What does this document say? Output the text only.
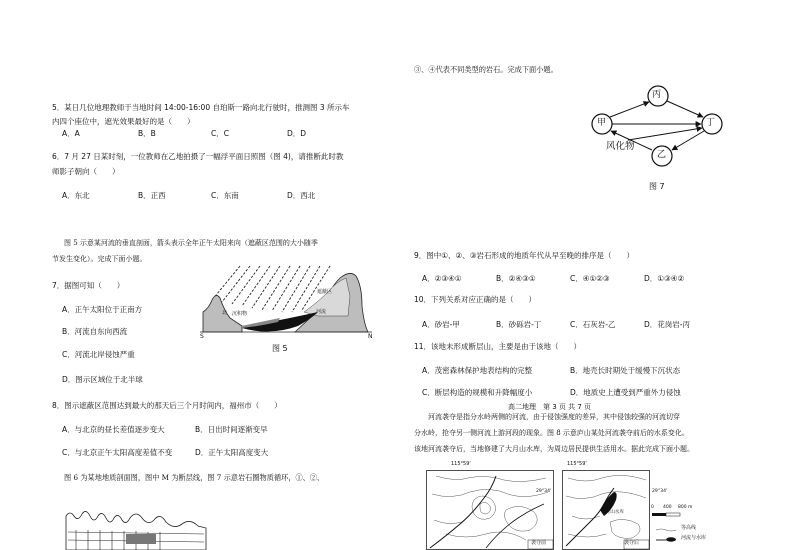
5．某日几位地理教师于当地时间 14:00-16:00 自珀斯一路向北行驶时，推测图 3 所示车
内四个座位中，遮光效果最好的是（　　）
A．A	B．B	C．C	D．D
6．7 月 27 日某时刻，一位教师在乙地拍摄了一幅浮平面日照图（图 4)，请推断此时教
师影子朝向（　　）
A．东北	B．正西	C．东南	D．西北
图 5 示意某河流的垂直剖面，箭头表示全年正午太阳来向（遮蔽区范围的大小随季
节发生变化）。完成下面小题。
7．据图可知（　　）
A．正午太阳位于正南方
B．河流自东向西流
C．河流北岸侵蚀严重
D．图示区域位于北半球
遮蔽区
沉积物
北	河流
S	N
图 5
8．图示遮蔽区范围达到最大的那天后三个月时间内，福州市（　　）
A．与北京的昼长差值逐步变大	B．日出时间逐渐变早
C．与北京正午太阳高度差值不变	D．正午太阳高度变大
图 6 为某地地质剖面图，图中 M 为断层线，图 7 示意岩石圈物质循环，①、②、
③、④代表不同类型的岩石。完成下面小题。
丙
甲	丁
乙
风化物
图 7
9．图中①、②、③岩石形成的地质年代从早至晚的排序是（　　）
A．②③④①	B．②④③①	C．④①②③	D．①③④②
10．下列关系对应正确的是（　　）
A．砂岩-甲	B．砂砾岩-丁	C．石灰岩-乙	D．花岗岩-丙
11．该地未形成断层山，主要是由于该地（　　）
A．茂密森林保护地表结构的完整	B．地壳长时期处于缓慢下沉状态
C．断层构造的规模和升降幅度小	D．地质史上遭受到严重外力侵蚀
高二地理　第 3 页 共 7 页
河流袭夺是指分水岭两侧的河流，由于侵蚀强度的差异，其中侵蚀较强的河流切穿
分水岭，抢夺另一侧河流上游河段的现象。图 8 示意庐山某处河流袭夺前后的水系变化。
该地河流袭夺后，当地修建了大月山水库，为周边居民提供生活用水。据此完成下面小题。
115°59'
袭夺前
115°59'
袭夺后
大月山水库
29°34'	29°34'
0 400 800 m
等高线
河流与水库
